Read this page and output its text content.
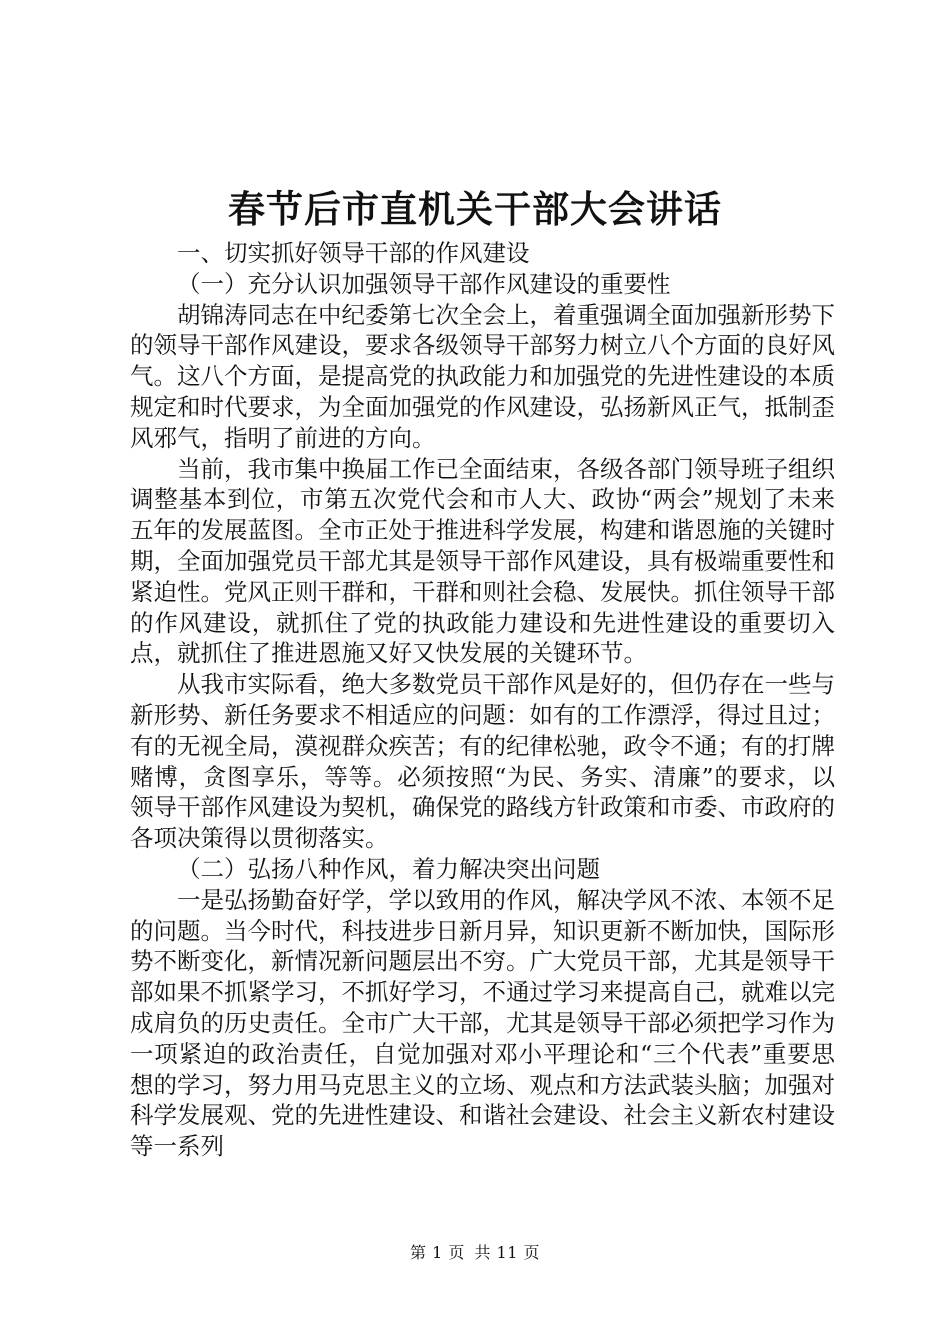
春节后市直机关干部大会讲话

一、切实抓好领导干部的作风建设

（一）充分认识加强领导干部作风建设的重要性

胡锦涛同志在中纪委第七次全会上，着重强调全面加强新形势下的领导干部作风建设，要求各级领导干部努力树立八个方面的良好风气。这八个方面，是提高党的执政能力和加强党的先进性建设的本质规定和时代要求，为全面加强党的作风建设，弘扬新风正气，抵制歪风邪气，指明了前进的方向。

当前，我市集中换届工作已全面结束，各级各部门领导班子组织调整基本到位，市第五次党代会和市人大、政协“两会”规划了未来五年的发展蓝图。全市正处于推进科学发展，构建和谐恩施的关键时期，全面加强党员干部尤其是领导干部作风建设，具有极端重要性和紧迫性。党风正则干群和，干群和则社会稳、发展快。抓住领导干部的作风建设，就抓住了党的执政能力建设和先进性建设的重要切入点，就抓住了推进恩施又好又快发展的关键环节。

从我市实际看，绝大多数党员干部作风是好的，但仍存在一些与新形势、新任务要求不相适应的问题：如有的工作漂浮，得过且过；有的无视全局，漠视群众疾苦；有的纪律松驰，政令不通；有的打牌赌博，贪图享乐，等等。必须按照“为民、务实、清廉”的要求，以领导干部作风建设为契机，确保党的路线方针政策和市委、市政府的各项决策得以贯彻落实。

（二）弘扬八种作风，着力解决突出问题

一是弘扬勤奋好学，学以致用的作风，解决学风不浓、本领不足的问题。当今时代，科技进步日新月异，知识更新不断加快，国际形势不断变化，新情况新问题层出不穷。广大党员干部，尤其是领导干部如果不抓紧学习，不抓好学习，不通过学习来提高自己，就难以完成肩负的历史责任。全市广大干部，尤其是领导干部必须把学习作为一项紧迫的政治责任，自觉加强对邓小平理论和“三个代表”重要思想的学习，努力用马克思主义的立场、观点和方法武装头脑；加强对科学发展观、党的先进性建设、和谐社会建设、社会主义新农村建设等一系列

第 1 页 共 11 页
